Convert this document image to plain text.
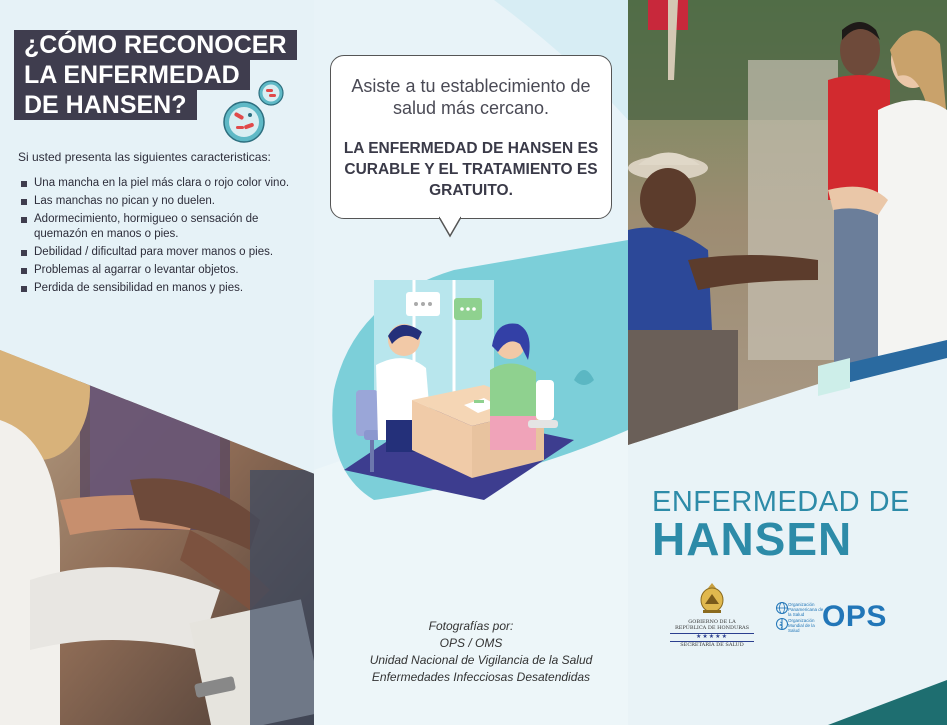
¿CÓMO RECONOCER
LA ENFERMEDAD
DE HANSEN?
Si usted presenta las siguientes caracteristicas:
Una mancha en la piel más clara o rojo color vino.
Las manchas no pican y no duelen.
Adormecimiento, hormigueo o sensación de quemazón en manos o pies.
Debilidad / dificultad para mover manos o pies.
Problemas al agarrar o levantar objetos.
Perdida de sensibilidad en manos y pies.
Asiste a tu establecimiento de salud más cercano.
LA ENFERMEDAD DE HANSEN ES CURABLE Y EL TRATAMIENTO ES GRATUITO.
Fotografías por:
OPS / OMS
Unidad Nacional de Vigilancia de la Salud
Enfermedades Infecciosas Desatendidas
ENFERMEDAD DE
HANSEN
GOBIERNO DE LA
REPÚBLICA DE HONDURAS
★★★★★
SECRETARÍA DE SALUD
Organización Panamericana de la Salud
Organización Mundial de la Salud OPS
